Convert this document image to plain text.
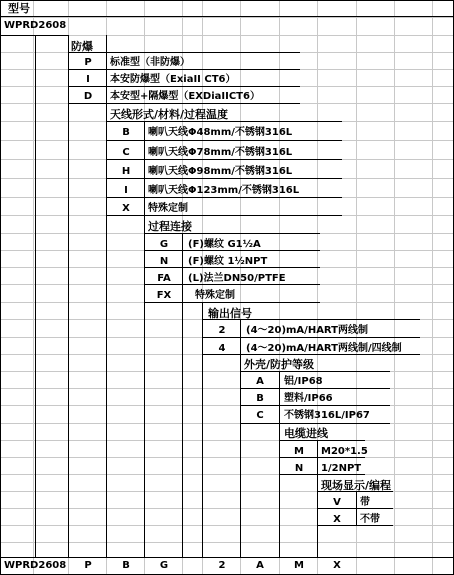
型号
WPRD2608
防爆
P	标准型（非防爆）
I	本安防爆型（ExiaII CT6）
D	本安型+隔爆型（EXDiaIICT6）
天线形式/材料/过程温度
B	喇叭天线Φ48mm/不锈钢316L
C	喇叭天线Φ78mm/不锈钢316L
H	喇叭天线Φ98mm/不锈钢316L
I	喇叭天线Φ123mm/不锈钢316L
X	特殊定制
过程连接
G	(F)螺纹 G1½A
N	(F)螺纹 1½NPT
FA	(L)法兰DN50/PTFE
FX	特殊定制
输出信号
2	(4～20)mA/HART两线制
4	(4～20)mA/HART两线制/四线制
外壳/防护等级
A	铝/IP68
B	塑料/IP66
C	不锈钢316L/IP67
电缆进线
M	M20*1.5
N	1/2NPT
现场显示/编程
V	带
X	不带
WPRD2608	P	B	G	2	A	M	X
